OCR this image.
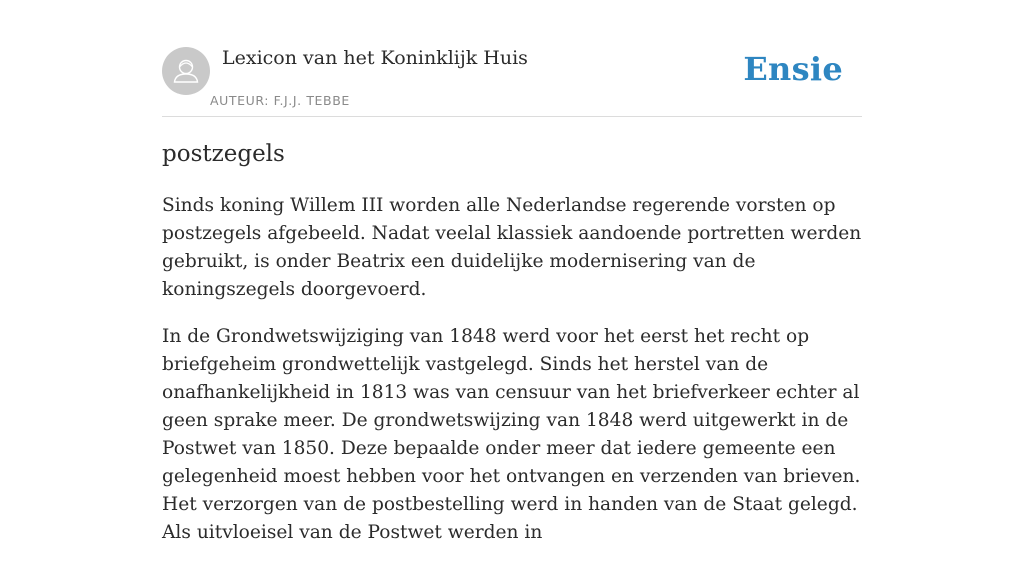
Lexicon van het Koninklijk Huis
AUTEUR: F.J.J. TEBBE
Ensie
postzegels

Sinds koning Willem III worden alle Nederlandse regerende vorsten op postzegels afgebeeld. Nadat veelal klassiek aandoende portretten werden gebruikt, is onder Beatrix een duidelijke modernisering van de koningszegels doorgevoerd.

In de Grondwetswijziging van 1848 werd voor het eerst het recht op briefgeheim grondwettelijk vastgelegd. Sinds het herstel van de onafhankelijkheid in 1813 was van censuur van het briefverkeer echter al geen sprake meer. De grondwetswijzing van 1848 werd uitgewerkt in de Postwet van 1850. Deze bepaalde onder meer dat iedere gemeente een gelegenheid moest hebben voor het ontvangen en verzenden van brieven. Het verzorgen van de postbestelling werd in handen van de Staat gelegd. Als uitvloeisel van de Postwet werden in
